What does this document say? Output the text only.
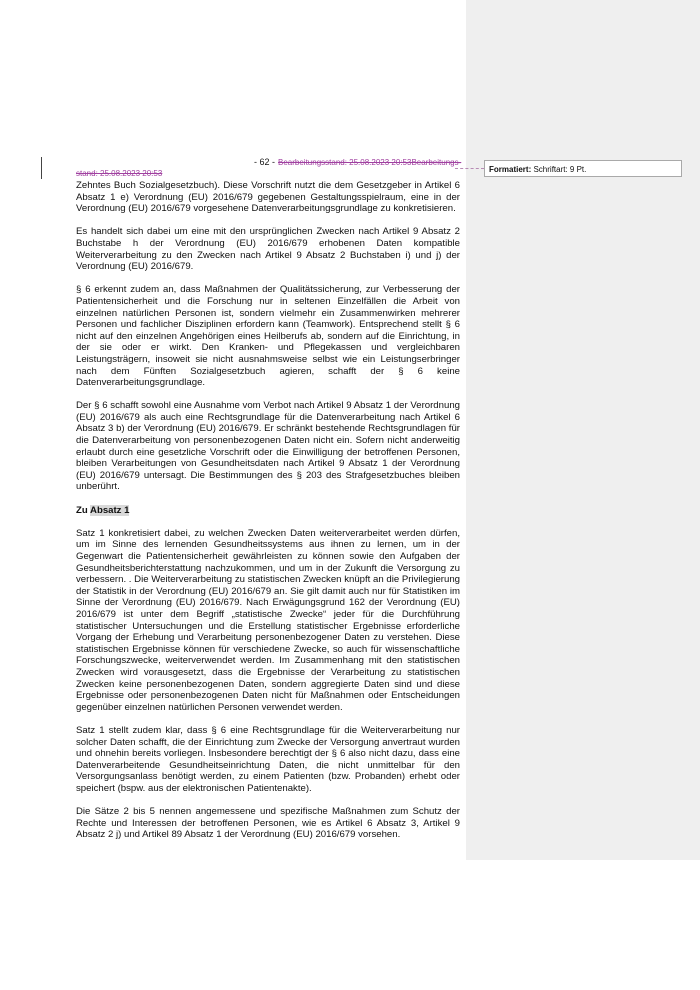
Formatiert: Schriftart: 9 Pt.
- 62 - Bearbeitungsstand: 25.08.2023 20:53Bearbeitungs-
stand: 25.08.2023 20:53

Zehntes Buch Sozialgesetzbuch). Diese Vorschrift nutzt die dem Gesetzgeber in Artikel 6 Absatz 1 e) Verordnung (EU) 2016/679 gegebenen Gestaltungsspielraum, eine in der Verordnung (EU) 2016/679 vorgesehene Datenverarbeitungsgrundlage zu konkretisieren.

Es handelt sich dabei um eine mit den ursprünglichen Zwecken nach Artikel 9 Absatz 2 Buchstabe h der Verordnung (EU) 2016/679 erhobenen Daten kompatible Weiterverarbeitung zu den Zwecken nach Artikel 9 Absatz 2 Buchstaben i) und j) der Verordnung (EU) 2016/679.

§ 6 erkennt zudem an, dass Maßnahmen der Qualitätssicherung, zur Verbesserung der Patientensicherheit und die Forschung nur in seltenen Einzelfällen die Arbeit von einzelnen natürlichen Personen ist, sondern vielmehr ein Zusammenwirken mehrerer Personen und fachlicher Disziplinen erfordern kann (Teamwork). Entsprechend stellt § 6 nicht auf den einzelnen Angehörigen eines Heilberufs ab, sondern auf die Einrichtung, in der sie oder er wirkt. Den Kranken- und Pflegekassen und vergleichbaren Leistungsträgern, insoweit sie nicht ausnahmsweise selbst wie ein Leistungserbringer nach dem Fünften Sozialgesetzbuch agieren, schafft der § 6 keine Datenverarbeitungsgrundlage.

Der § 6 schafft sowohl eine Ausnahme vom Verbot nach Artikel 9 Absatz 1 der Verordnung (EU) 2016/679 als auch eine Rechtsgrundlage für die Datenverarbeitung nach Artikel 6 Absatz 3 b) der Verordnung (EU) 2016/679. Er schränkt bestehende Rechtsgrundlagen für die Datenverarbeitung von personenbezogenen Daten nicht ein. Sofern nicht anderweitig erlaubt durch eine gesetzliche Vorschrift oder die Einwilligung der betroffenen Personen, bleiben Verarbeitungen von Gesundheitsdaten nach Artikel 9 Absatz 1 der Verordnung (EU) 2016/679 untersagt. Die Bestimmungen des § 203 des Strafgesetzbuches bleiben unberührt.

Zu Absatz 1

Satz 1 konkretisiert dabei, zu welchen Zwecken Daten weiterverarbeitet werden dürfen, um im Sinne des lernenden Gesundheitssystems aus ihnen zu lernen, um in der Gegenwart die Patientensicherheit gewährleisten zu können sowie den Aufgaben der Gesundheitsberichterstattung nachzukommen, und um in der Zukunft die Versorgung zu verbessern. . Die Weiterverarbeitung zu statistischen Zwecken knüpft an die Privilegierung der Statistik in der Verordnung (EU) 2016/679 an. Sie gilt damit auch nur für Statistiken im Sinne der Verordnung (EU) 2016/679. Nach Erwägungsgrund 162 der Verordnung (EU) 2016/679 ist unter dem Begriff „statistische Zwecke“ jeder für die Durchführung statistischer Untersuchungen und die Erstellung statistischer Ergebnisse erforderliche Vorgang der Erhebung und Verarbeitung personenbezogener Daten zu verstehen. Diese statistischen Ergebnisse können für verschiedene Zwecke, so auch für wissenschaftliche Forschungszwecke, weiterverwendet werden. Im Zusammenhang mit den statistischen Zwecken wird vorausgesetzt, dass die Ergebnisse der Verarbeitung zu statistischen Zwecken keine personenbezogenen Daten, sondern aggregierte Daten sind und diese Ergebnisse oder personenbezogenen Daten nicht für Maßnahmen oder Entscheidungen gegenüber einzelnen natürlichen Personen verwendet werden.

Satz 1 stellt zudem klar, dass § 6 eine Rechtsgrundlage für die Weiterverarbeitung nur solcher Daten schafft, die der Einrichtung zum Zwecke der Versorgung anvertraut wurden und ohnehin bereits vorliegen. Insbesondere berechtigt der § 6 also nicht dazu, dass eine Datenverarbeitende Gesundheitseinrichtung Daten, die nicht unmittelbar für den Versorgungsanlass benötigt werden, zu einem Patienten (bzw. Probanden) erhebt oder speichert (bspw. aus der elektronischen Patientenakte).

Die Sätze 2 bis 5 nennen angemessene und spezifische Maßnahmen zum Schutz der Rechte und Interessen der betroffenen Personen, wie es Artikel 6 Absatz 3, Artikel 9 Absatz 2 j) und Artikel 89 Absatz 1 der Verordnung (EU) 2016/679 vorsehen.
